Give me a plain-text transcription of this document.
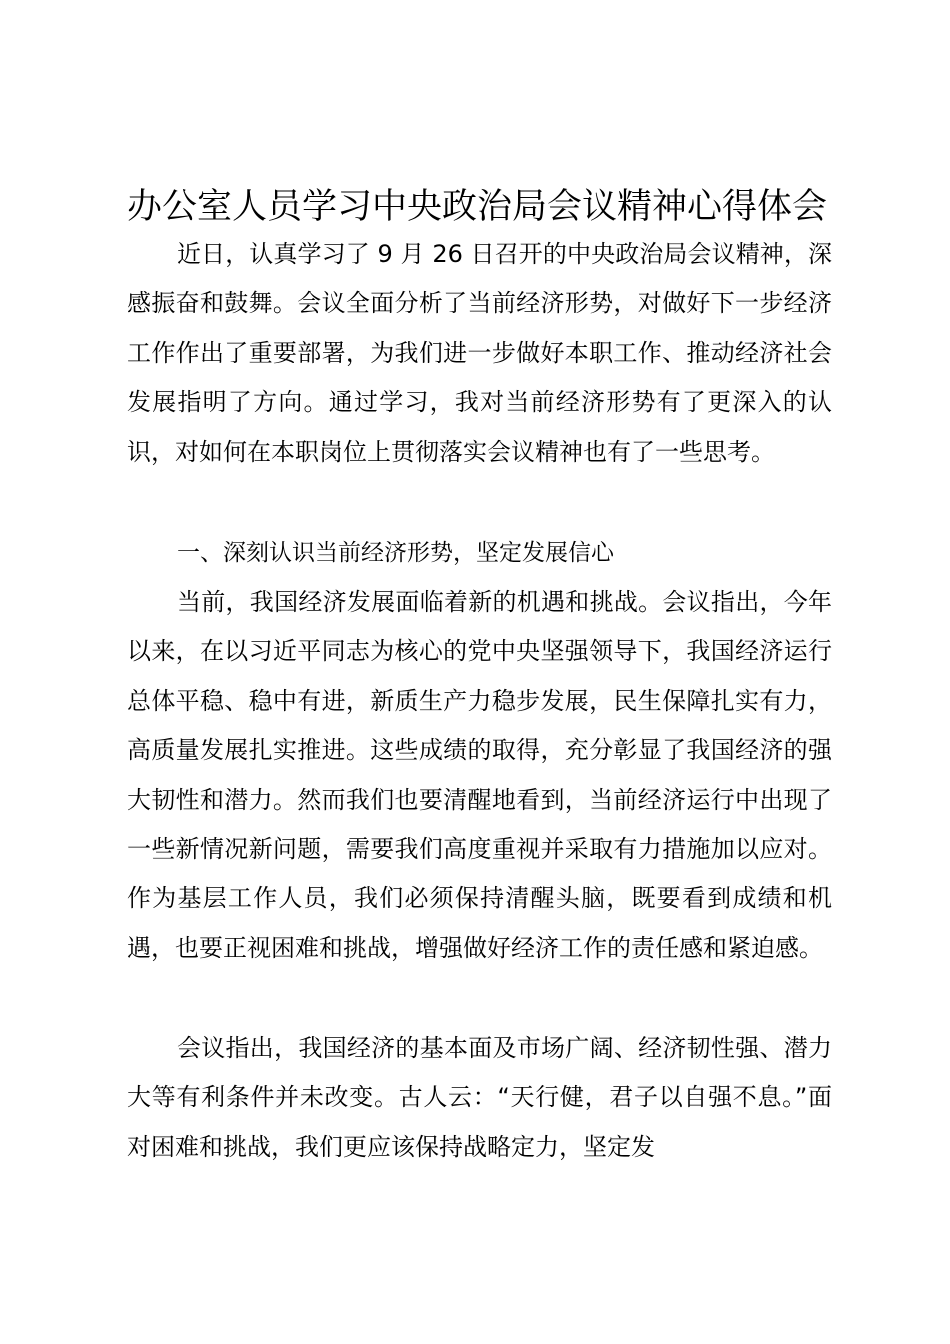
办公室人员学习中央政治局会议精神心得体会

近日，认真学习了 9 月 26 日召开的中央政治局会议精神，深感振奋和鼓舞。会议全面分析了当前经济形势，对做好下一步经济工作作出了重要部署，为我们进一步做好本职工作、推动经济社会发展指明了方向。通过学习，我对当前经济形势有了更深入的认识，对如何在本职岗位上贯彻落实会议精神也有了一些思考。

一、深刻认识当前经济形势，坚定发展信心

当前，我国经济发展面临着新的机遇和挑战。会议指出，今年以来，在以习近平同志为核心的党中央坚强领导下，我国经济运行总体平稳、稳中有进，新质生产力稳步发展，民生保障扎实有力，高质量发展扎实推进。这些成绩的取得，充分彰显了我国经济的强大韧性和潜力。然而我们也要清醒地看到，当前经济运行中出现了一些新情况新问题，需要我们高度重视并采取有力措施加以应对。作为基层工作人员，我们必须保持清醒头脑，既要看到成绩和机遇，也要正视困难和挑战，增强做好经济工作的责任感和紧迫感。

会议指出，我国经济的基本面及市场广阔、经济韧性强、潜力大等有利条件并未改变。古人云：“天行健，君子以自强不息。”面对困难和挑战，我们更应该保持战略定力，坚定发
